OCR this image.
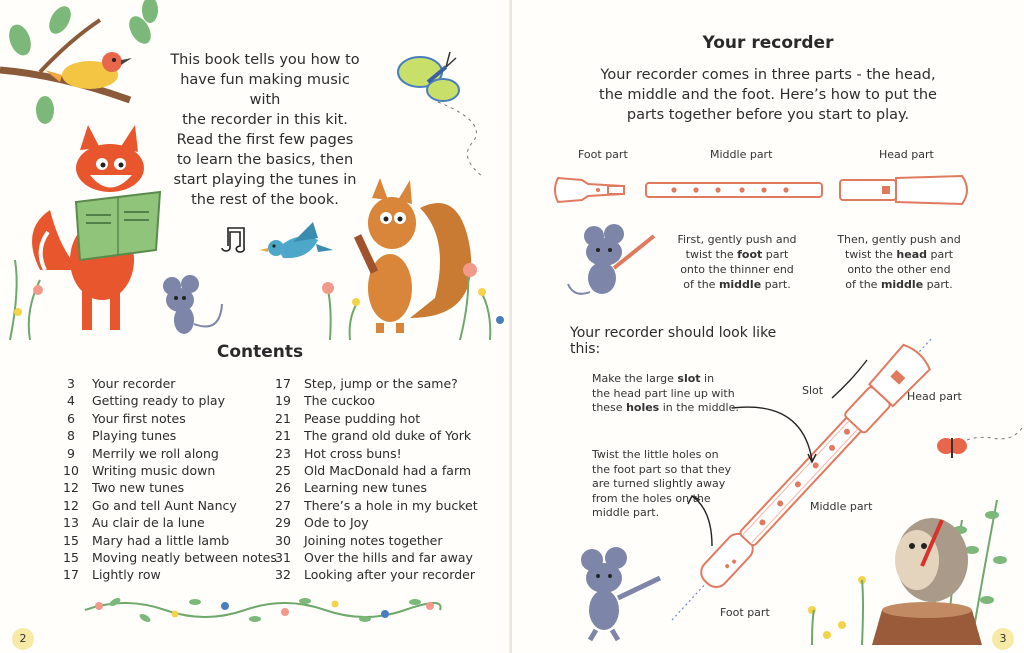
This book tells you how to
have fun making music with
the recorder in this kit.
Read the first few pages
to learn the basics, then
start playing the tunes in
the rest of the book.
Contents
3	Your recorder
4	Getting ready to play
6	Your first notes
8	Playing tunes
9	Merrily we roll along
10	Writing music down
12	Two new tunes
12	Go and tell Aunt Nancy
13	Au clair de la lune
15	Mary had a little lamb
15	Moving neatly between notes
17	Lightly row
17	Step, jump or the same?
19	The cuckoo
21	Pease pudding hot
21	The grand old duke of York
23	Hot cross buns!
25	Old MacDonald had a farm
26	Learning new tunes
27	There’s a hole in my bucket
29	Ode to Joy
30	Joining notes together
31	Over the hills and far away
32	Looking after your recorder
2
Your recorder
Your recorder comes in three parts - the head,
the middle and the foot. Here’s how to put the
parts together before you start to play.
Foot part	Middle part	Head part
First, gently push and
twist the foot part
onto the thinner end
of the middle part.
Then, gently push and
twist the head part
onto the other end
of the middle part.
Your recorder should look like this:
Make the large slot in
the head part line up with
these holes in the middle.
Twist the little holes on
the foot part so that they
are turned slightly away
from the holes on the
middle part.
Slot	Head part
Middle part
Foot part
3
